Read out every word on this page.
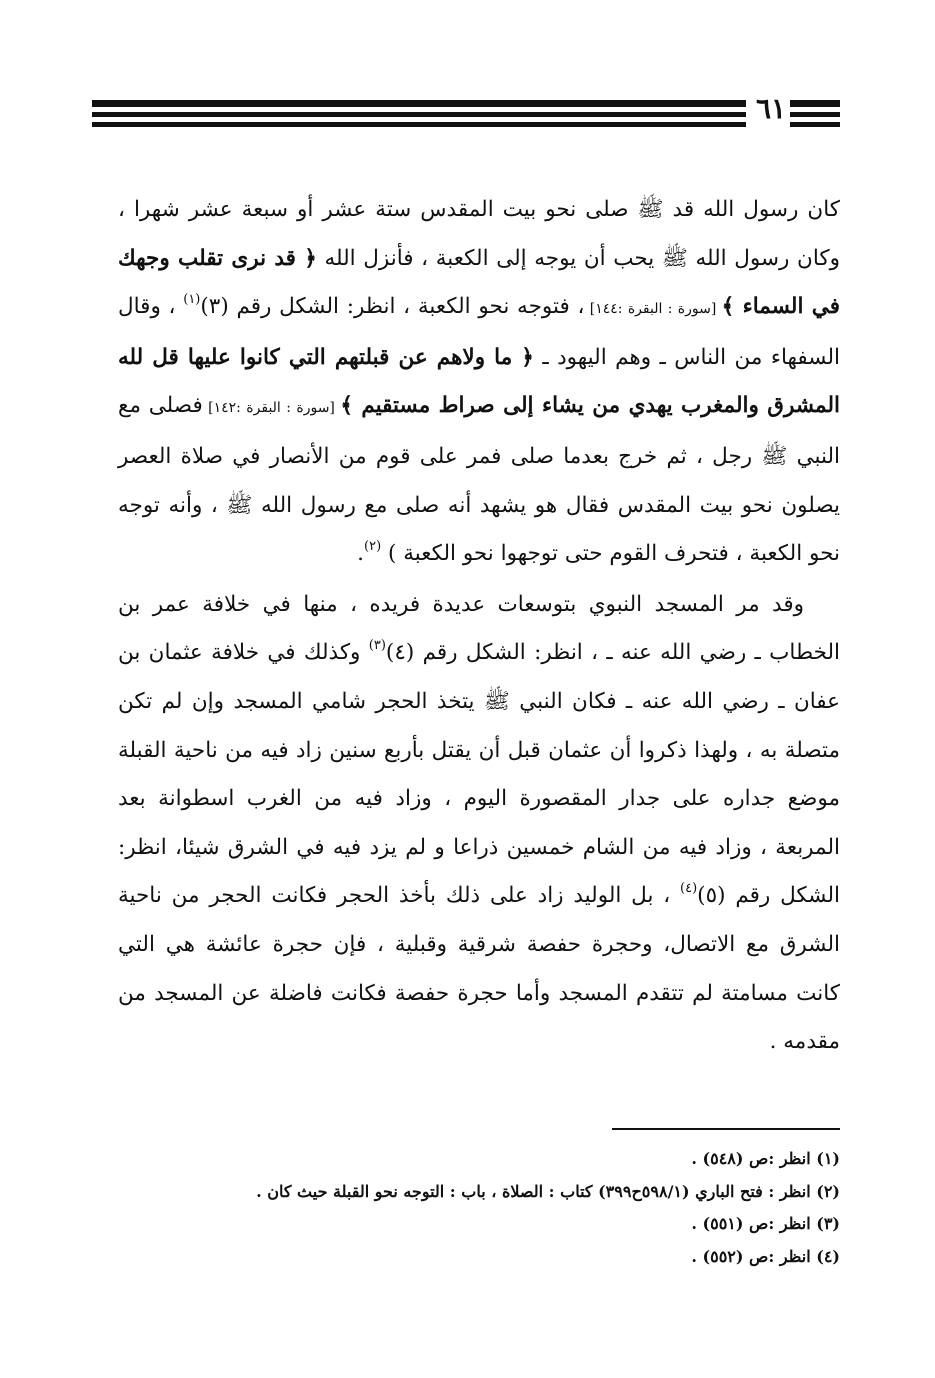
٦١

كان رسول الله قد ﷺ صلى نحو بيت المقدس ستة عشر أو سبعة عشر شهرا ، وكان رسول الله ﷺ يحب أن يوجه إلى الكعبة ، فأنزل الله ﴿ قد نرى تقلب وجهك في السماء ﴾ [سورة : البقرة :١٤٤] ، فتوجه نحو الكعبة ، انظر: الشكل رقم (٣)$^{(١)}$ ، وقال السفهاء من الناس ـ وهم اليهود ـ ﴿ ما ولاهم عن قبلتهم التي كانوا عليها قل لله المشرق والمغرب يهدي من يشاء إلى صراط مستقيم ﴾ [سورة : البقرة :١٤٢] فصلى مع النبي ﷺ رجل ، ثم خرج بعدما صلى فمر على قوم من الأنصار في صلاة العصر يصلون نحو بيت المقدس فقال هو يشهد أنه صلى مع رسول الله ﷺ ، وأنه توجه نحو الكعبة ، فتحرف القوم حتى توجهوا نحو الكعبة ) $^{(٢)}$.

وقد مر المسجد النبوي بتوسعات عديدة فريده ، منها في خلافة عمر بن الخطاب ـ رضي الله عنه ـ ، انظر: الشكل رقم (٤)$^{(٣)}$ وكذلك في خلافة عثمان بن عفان ـ رضي الله عنه ـ فكان النبي ﷺ يتخذ الحجر شامي المسجد وإن لم تكن متصلة به ، ولهذا ذكروا أن عثمان قبل أن يقتل بأربع سنين زاد فيه من ناحية القبلة موضع جداره على جدار المقصورة اليوم ، وزاد فيه من الغرب اسطوانة بعد المربعة ، وزاد فيه من الشام خمسين ذراعا و لم يزد فيه في الشرق شيئا، انظر: الشكل رقم (٥)$^{(٤)}$ ، بل الوليد زاد على ذلك بأخذ الحجر فكانت الحجر من ناحية الشرق مع الاتصال، وحجرة حفصة شرقية وقبلية ، فإن حجرة عائشة هي التي كانت مسامتة لم تتقدم المسجد وأما حجرة حفصة فكانت فاضلة عن المسجد من مقدمه .

(١) انظر :ص (٥٤٨) .

(٢) انظر : فتح الباري (٥٩٨/١ح٣٩٩) كتاب : الصلاة ، باب : التوجه نحو القبلة حيث كان .

(٣) انظر :ص (٥٥١) .

(٤) انظر :ص (٥٥٢) .
